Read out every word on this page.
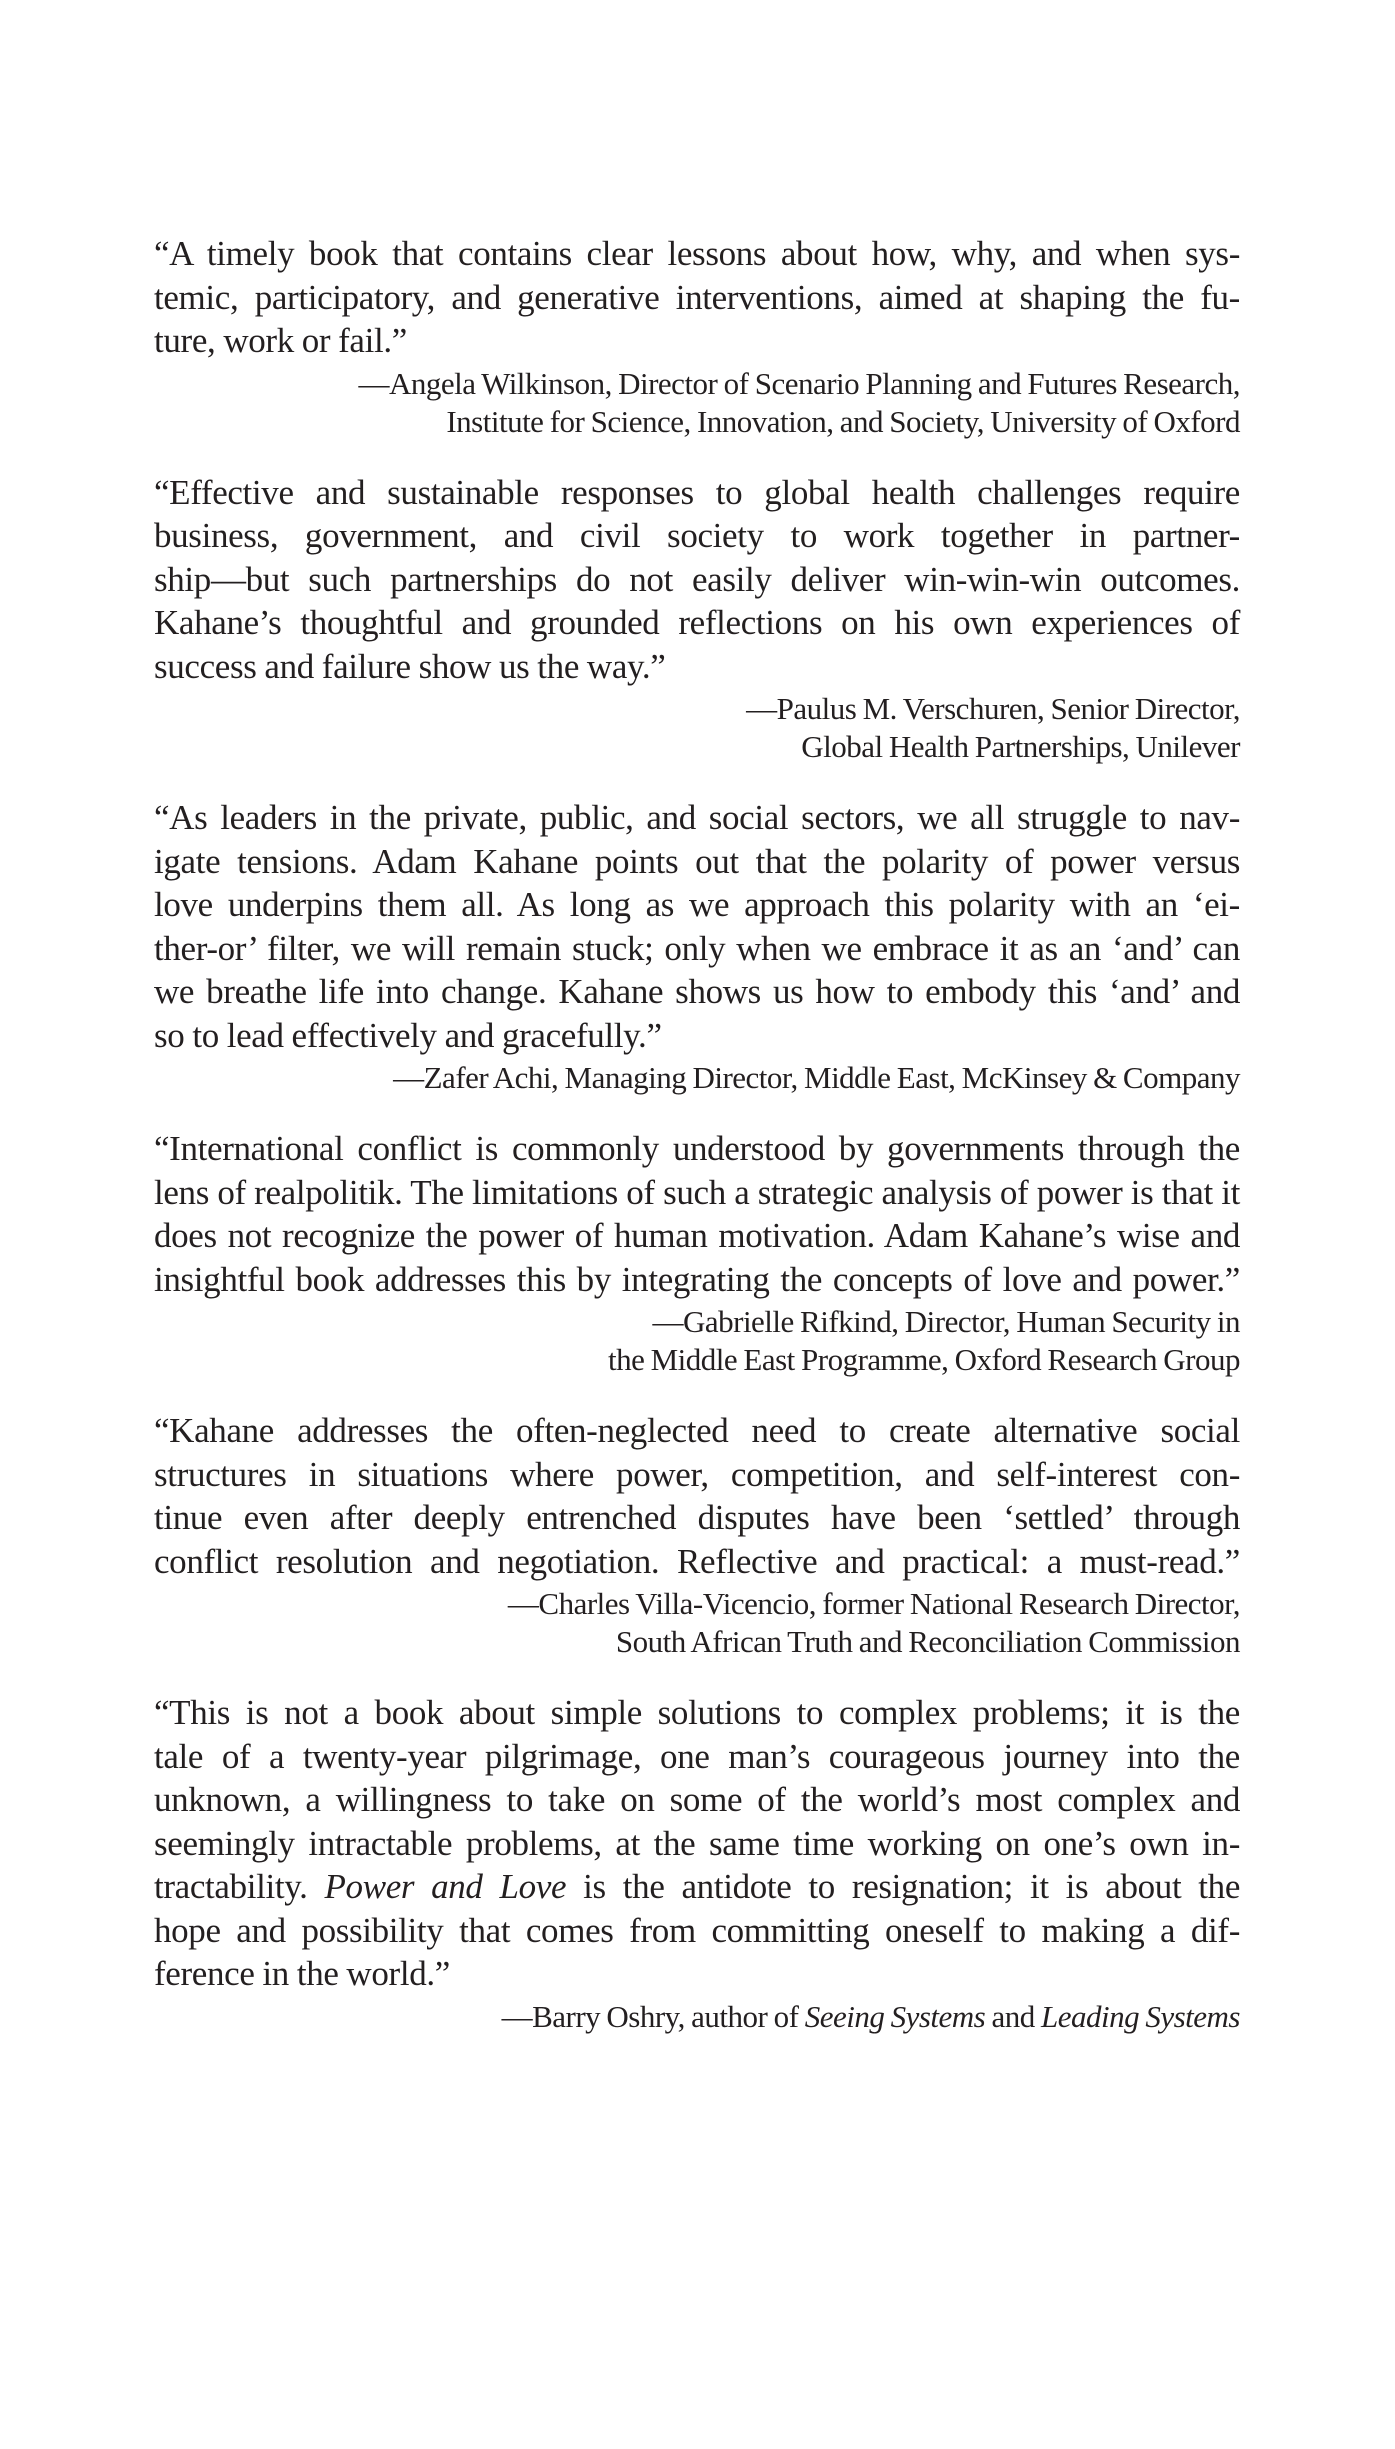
“A timely book that contains clear lessons about how, why, and when sys-
temic, participatory, and generative interventions, aimed at shaping the fu-
ture, work or fail.”

—Angela Wilkinson, Director of Scenario Planning and Futures Research,
Institute for Science, Innovation, and Society, University of Oxford

“Effective and sustainable responses to global health challenges require
business, government, and civil society to work together in partner-
ship—but such partnerships do not easily deliver win-win-win outcomes.
Kahane’s thoughtful and grounded reflections on his own experiences of
success and failure show us the way.”

—Paulus M. Verschuren, Senior Director,
Global Health Partnerships, Unilever

“As leaders in the private, public, and social sectors, we all struggle to nav-
igate tensions. Adam Kahane points out that the polarity of power versus
love underpins them all. As long as we approach this polarity with an ‘ei-
ther-or’ filter, we will remain stuck; only when we embrace it as an ‘and’ can
we breathe life into change. Kahane shows us how to embody this ‘and’ and
so to lead effectively and gracefully.”

—Zafer Achi, Managing Director, Middle East, McKinsey & Company

“International conflict is commonly understood by governments through the
lens of realpolitik. The limitations of such a strategic analysis of power is that it
does not recognize the power of human motivation. Adam Kahane’s wise and
insightful book addresses this by integrating the concepts of love and power.”

—Gabrielle Rifkind, Director, Human Security in
the Middle East Programme, Oxford Research Group

“Kahane addresses the often-neglected need to create alternative social
structures in situations where power, competition, and self-interest con-
tinue even after deeply entrenched disputes have been ‘settled’ through
conflict resolution and negotiation. Reflective and practical: a must-read.”

—Charles Villa-Vicencio, former National Research Director,
South African Truth and Reconciliation Commission

“This is not a book about simple solutions to complex problems; it is the
tale of a twenty-year pilgrimage, one man’s courageous journey into the
unknown, a willingness to take on some of the world’s most complex and
seemingly intractable problems, at the same time working on one’s own in-
tractability. Power and Love is the antidote to resignation; it is about the
hope and possibility that comes from committing oneself to making a dif-
ference in the world.”

—Barry Oshry, author of Seeing Systems and Leading Systems
